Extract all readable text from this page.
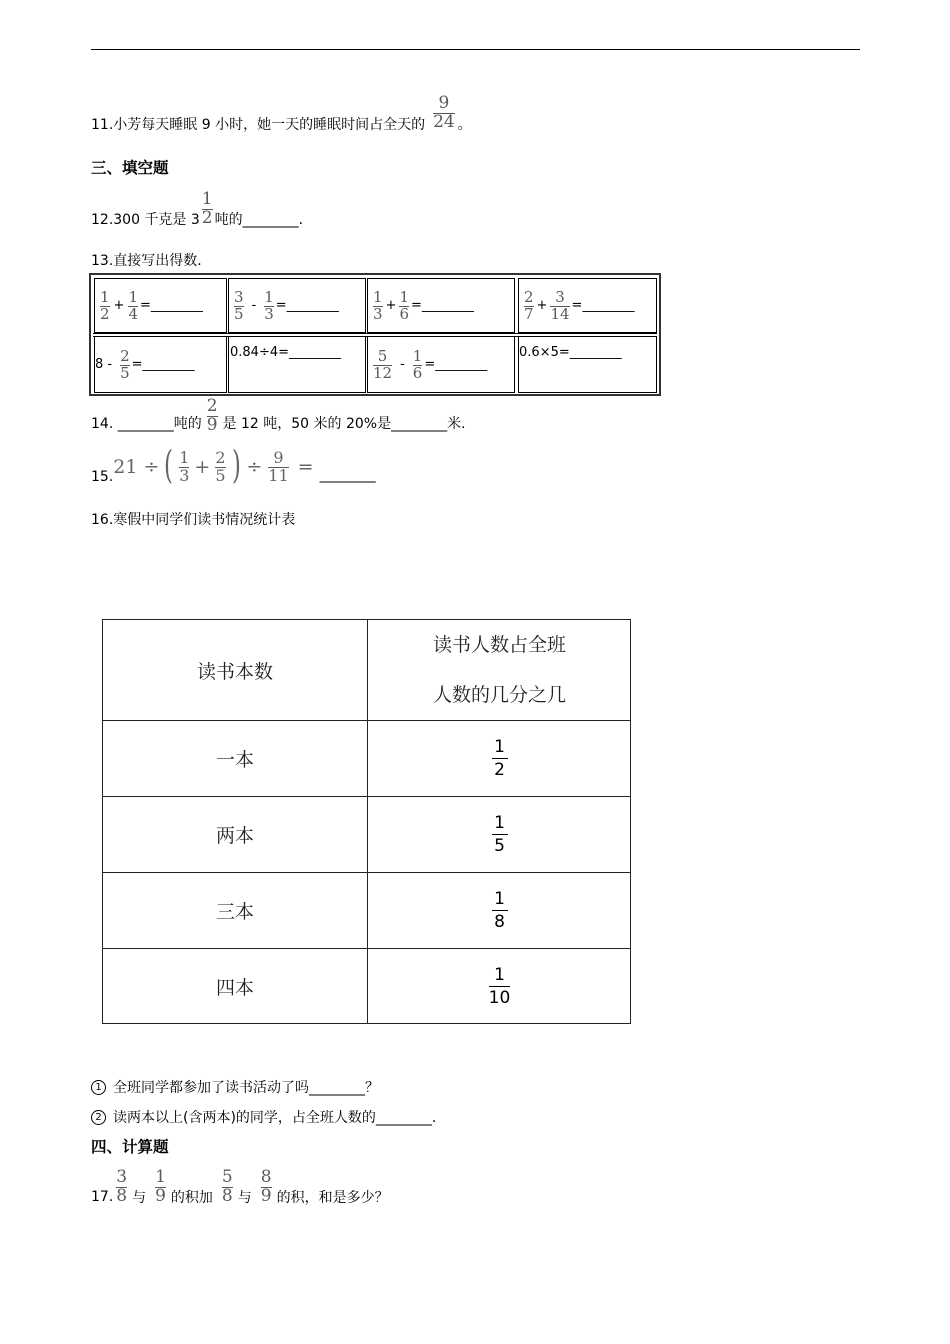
11.小芳每天睡眠 9 小时，她一天的睡眠时间占全天的
9
24 。
三、填空题
12.300 千克是 3
1
2 吨的________.
13.直接写出得数.
1
2 + 1
4 =________ 3
5 - 1
3 =________ 1
3 + 1
6 =________	2
7 + 3
14 =________
8 - 2
5 =________
0.84÷4=________ 5
12 - 1
6 =________
0.6×5=________
14. ________吨的
2
9 是 12 吨，50 米的 20%是________米.
15. 21 ÷ ( 1
3 + 2
5 ) ÷ 9
11 = ________
16.寒假中同学们读书情况统计表
读书本数
读书人数占全班
人数的几分之几
一本
1
2
两本
1
5
三本
1
8
四本
1
10
1 全班同学都参加了读书活动了吗________？
2 读两本以上(含两本)的同学，占全班人数的________.
四、计算题
17.
3
8 与
1
9 的积加
5
8 与
8
9 的积，和是多少？
